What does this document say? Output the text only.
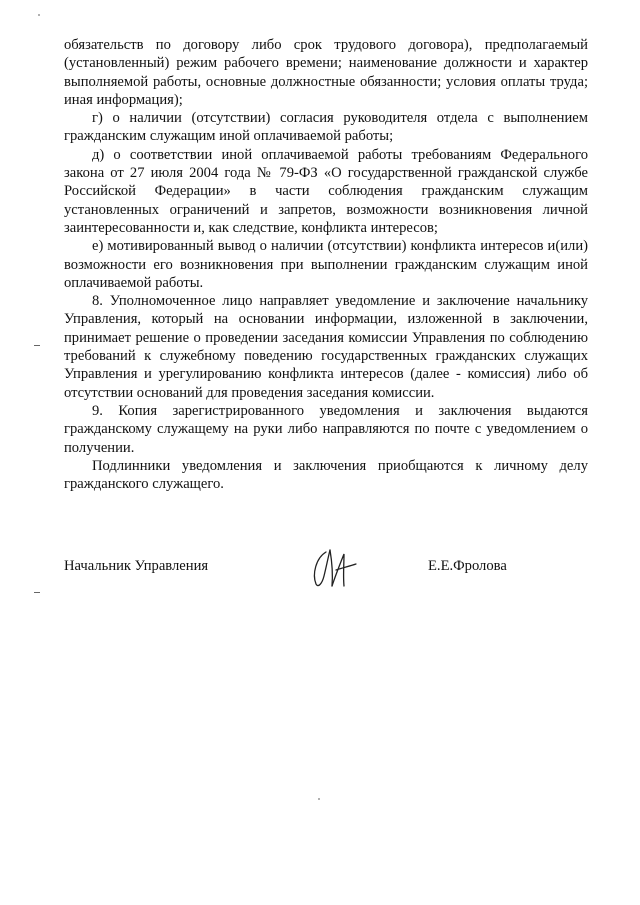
обязательств по договору либо срок трудового договора), предполагаемый (установленный) режим рабочего времени; наименование должности и характер выполняемой работы, основные должностные обязанности; условия оплаты труда; иная информация);

г) о наличии (отсутствии) согласия руководителя отдела с выполнением гражданским служащим иной оплачиваемой работы;

д) о соответствии иной оплачиваемой работы требованиям Федерального закона от 27 июля 2004 года № 79-ФЗ «О государственной гражданской службе Российской Федерации» в части соблюдения гражданским служащим установленных ограничений и запретов, возможности возникновения личной заинтересованности и, как следствие, конфликта интересов;

е) мотивированный вывод о наличии (отсутствии) конфликта интересов и(или) возможности его возникновения при выполнении гражданским служащим иной оплачиваемой работы.

8. Уполномоченное лицо направляет уведомление и заключение начальнику Управления, который на основании информации, изложенной в заключении, принимает решение о проведении заседания комиссии Управления по соблюдению требований к служебному поведению государственных гражданских служащих Управления и урегулированию конфликта интересов (далее - комиссия) либо об отсутствии оснований для проведения заседания комиссии.

9. Копия зарегистрированного уведомления и заключения выдаются гражданскому служащему на руки либо направляются по почте с уведомлением о получении.

Подлинники уведомления и заключения приобщаются к личному делу гражданского служащего.

Начальник Управления	Е.Е.Фролова
